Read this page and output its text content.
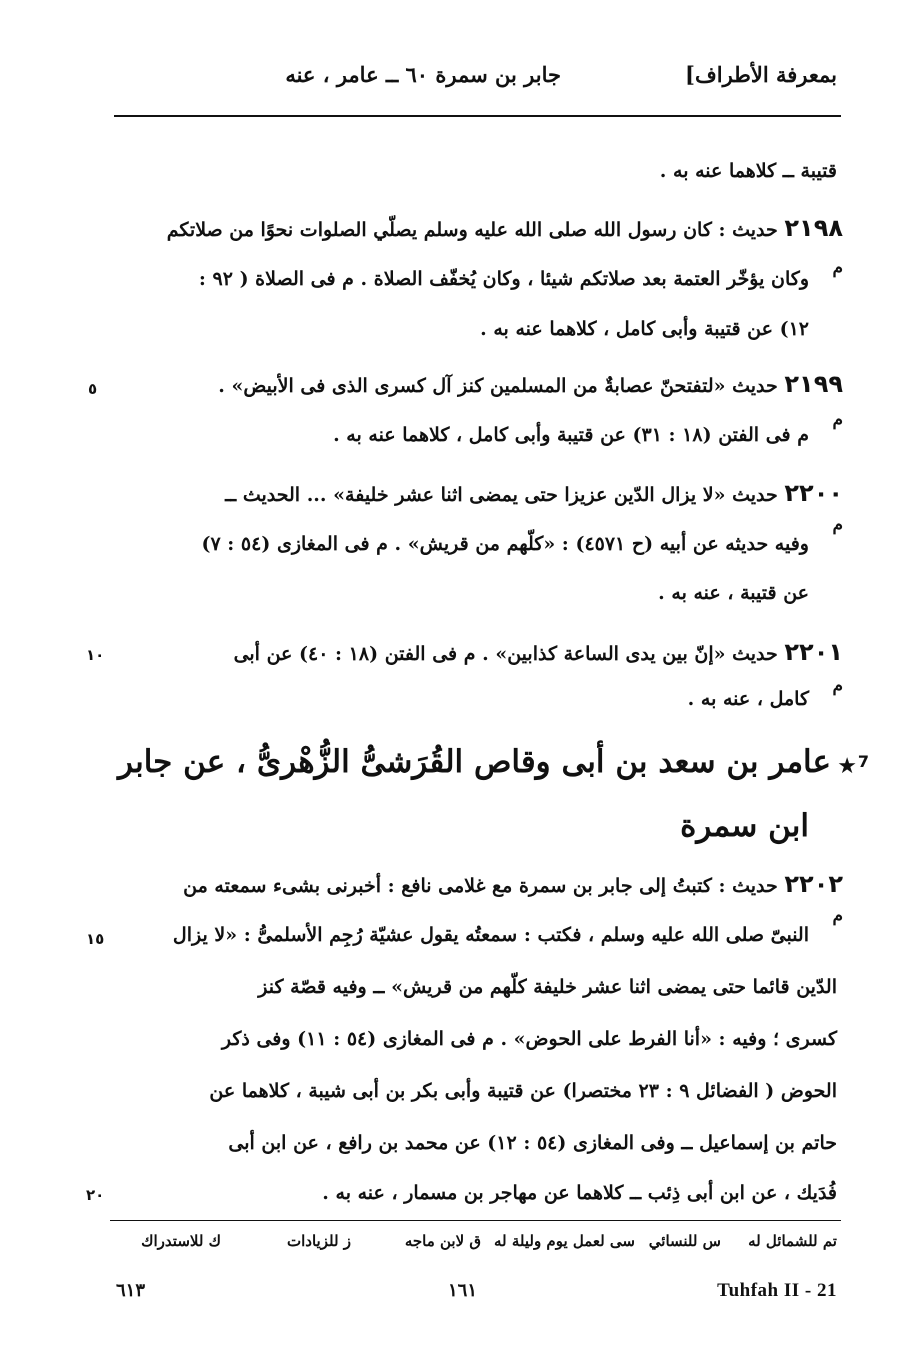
بمعرفة الأطراف]
جابر بن سمرة ٦٠ ــ عامر ، عنه
قتيبة ــ كلاهما عنه به .
٢١٩٨ حديث : كان رسول الله صلى الله عليه وسلم يصلّي الصلوات نحوًا من صلاتكم
وكان يؤخّر العتمة بعد صلاتكم شيئا ، وكان يُخفّف الصلاة . م فى الصلاة ( ٩٢ : م
١٢) عن قتيبة وأبى كامل ، كلاهما عنه به .
٢١٩٩ حديث «لتفتحنّ عصابةٌ من المسلمين كنز آل كسرى الذى فى الأبيض» .
٥
م فى الفتن (١٨ : ٣١) عن قتيبة وأبى كامل ، كلاهما عنه به .
م
٢٢٠٠ حديث «لا يزال الدّين عزيزا حتى يمضى اثنا عشر خليفة» ... الحديث ــ
وفيه حديثه عن أبيه (ح ٤٥٧١) : «كلّهم من قريش» . م فى المغازى (٥٤ : ٧)
م
عن قتيبة ، عنه به .
٢٢٠١ حديث «إنّ بين يدى الساعة كذابين» . م فى الفتن (١٨ : ٤٠) عن أبى
١٠
كامل ، عنه به .
م
★ 7
عامر بن سعد بن أبى وقاص القُرَشىُّ الزُّهْرىُّ ، عن جابر
ابن سمرة
٢٢٠٢ حديث : كتبتُ إلى جابر بن سمرة مع غلامى نافع : أخبرنى بشىء سمعته من
النبىّ صلى الله عليه وسلم ، فكتب : سمعتُه يقول عشيّة رُجِم الأسلمىُّ : «لا يزال
م
١٥
الدّين قائما حتى يمضى اثنا عشر خليفة كلّهم من قريش» ــ وفيه قصّة كنز
كسرى ؛ وفيه : «أنا الفرط على الحوض» . م فى المغازى (٥٤ : ١١) وفى ذكر
الحوض ( الفضائل ٩ : ٢٣ مختصرا) عن قتيبة وأبى بكر بن أبى شيبة ، كلاهما عن
حاتم بن إسماعيل ــ وفى المغازى (٥٤ : ١٢) عن محمد بن رافع ، عن ابن أبى
فُدَيك ، عن ابن أبى ذِئب ــ كلاهما عن مهاجر بن مسمار ، عنه به .
٢٠
تم للشمائل له
س للنسائي
سى لعمل يوم وليلة له
ق لابن ماجه
ز للزيادات
ك للاستدراك
Tuhfah II - 21
١٦١
٦١٣
